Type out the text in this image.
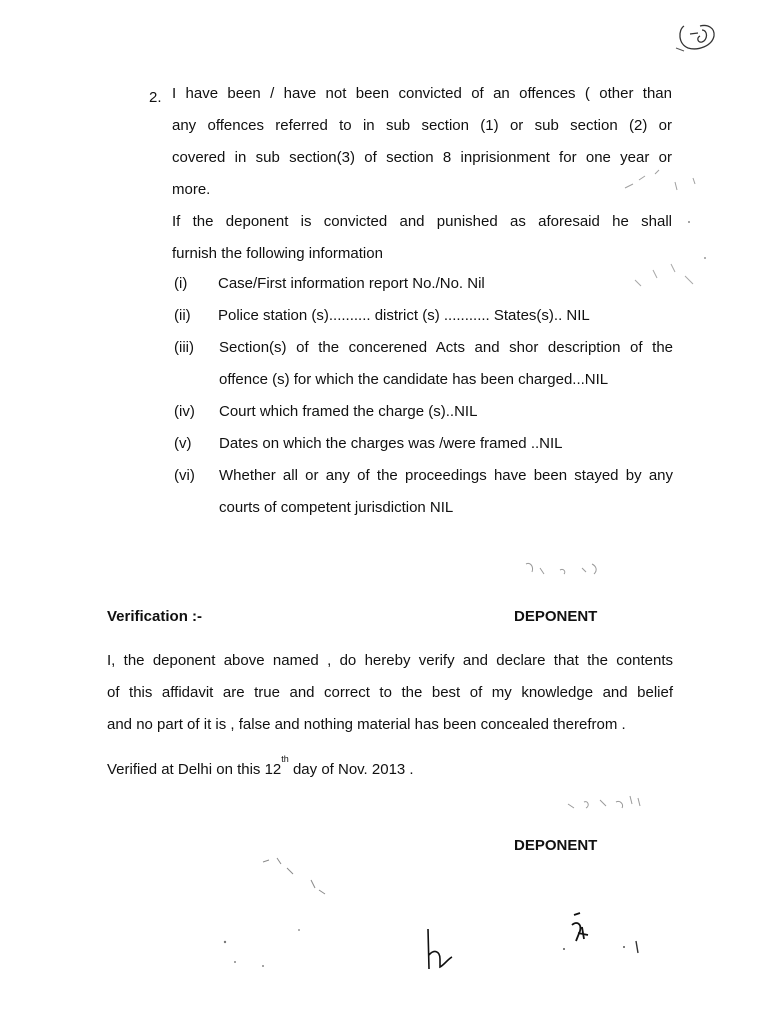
2. I have been / have not been convicted of an offences ( other than
any offences referred to in sub section (1) or sub section (2) or
covered in sub section(3) of section 8 inprisionment for one year or
more.
If the deponent is convicted and punished as aforesaid he shall
furnish the following information
(i) Case/First information report No./No. Nil
(ii) Police station (s).......... district (s) ........... States(s).. NIL
(iii) Section(s) of the concerened Acts and shor description of the
offence (s) for which the candidate has been charged...NIL
(iv) Court which framed the charge (s)..NIL
(v) Dates on which the charges was /were framed ..NIL
(vi) Whether all or any of the proceedings have been stayed by any
courts of competent jurisdiction NIL
Verification :-	DEPONENT
I, the deponent above named , do hereby verify and declare that the contents
of this affidavit are true and correct to the best of my knowledge and belief
and no part of it is , false and nothing material has been concealed therefrom .
Verified at Delhi on this 12th day of Nov. 2013 .
DEPONENT
